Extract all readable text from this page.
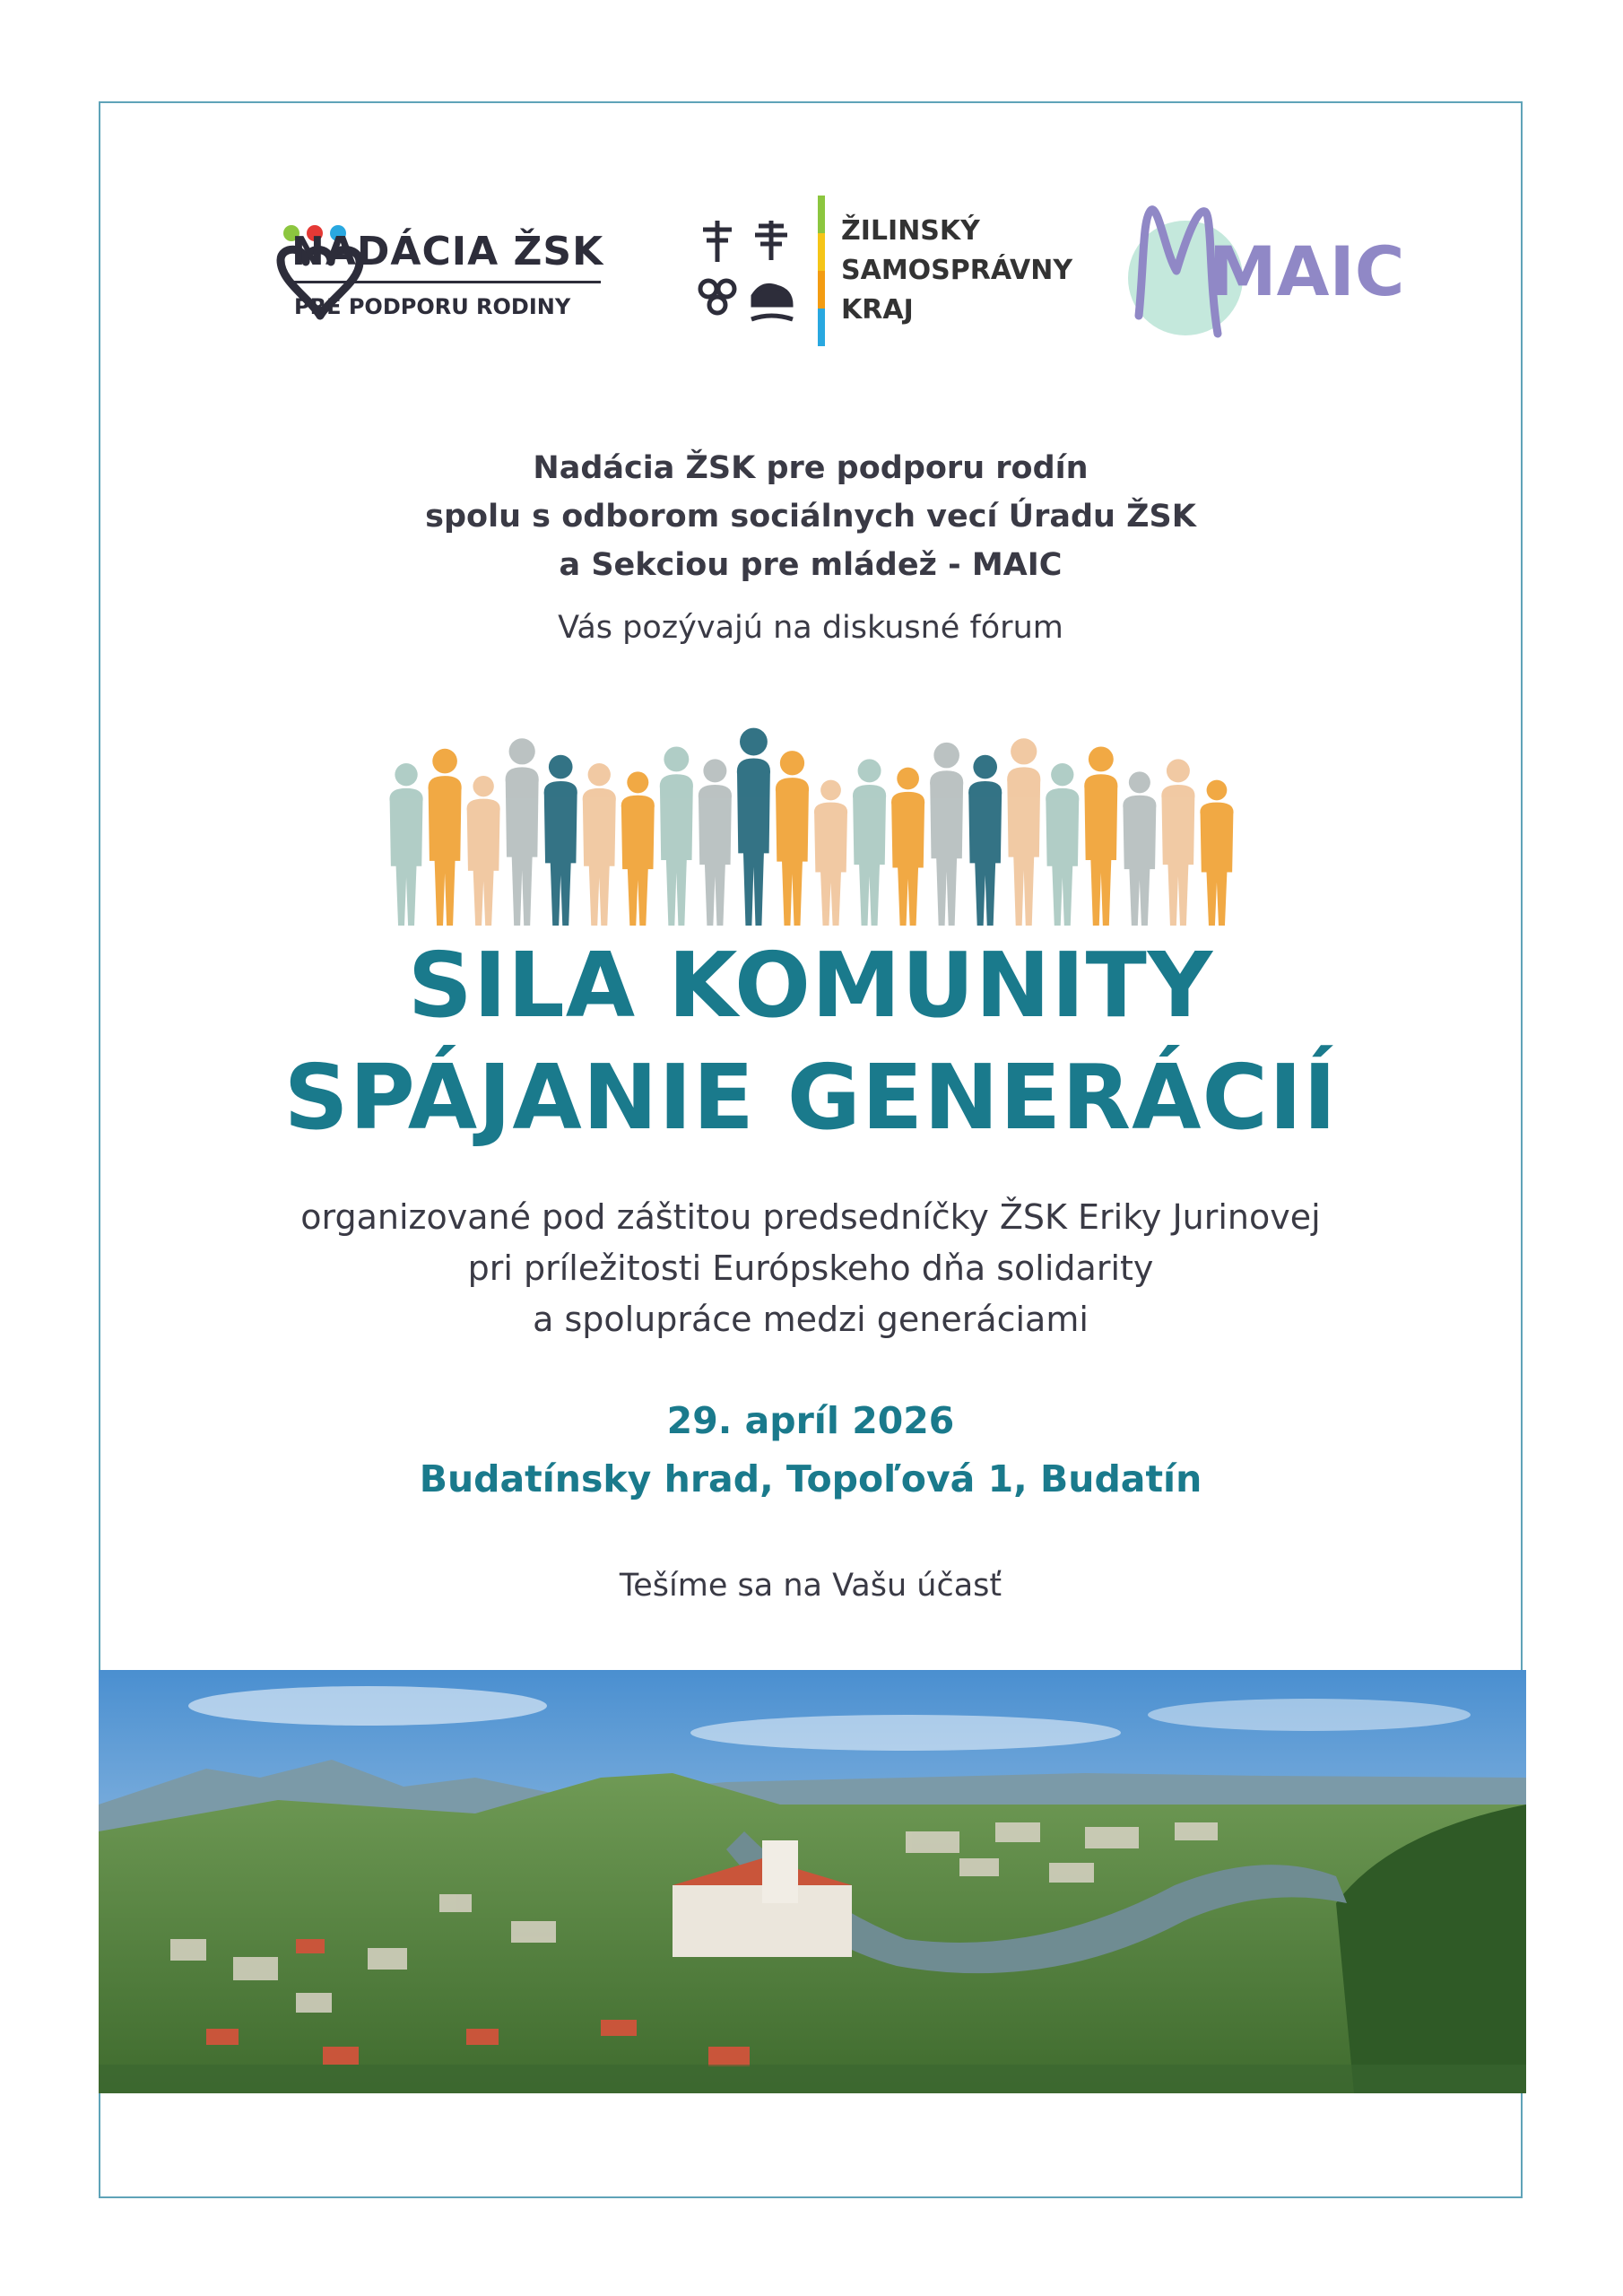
NADÁCIA ŽSK
PRE PODPORU RODINY
ŽILINSKÝ
SAMOSPRÁVNY
KRAJ	MAIC
Nadácia ŽSK pre podporu rodín
spolu s odborom sociálnych vecí Úradu ŽSK
a Sekciou pre mládež - MAIC
Vás pozývajú na diskusné fórum
SILA KOMUNITY
SPÁJANIE GENERÁCIÍ
organizované pod záštitou predsedníčky ŽSK Eriky Jurinovej
pri príležitosti Európskeho dňa solidarity
a spolupráce medzi generáciami
29. apríl 2026
Budatínsky hrad, Topoľová 1, Budatín
Tešíme sa na Vašu účasť
